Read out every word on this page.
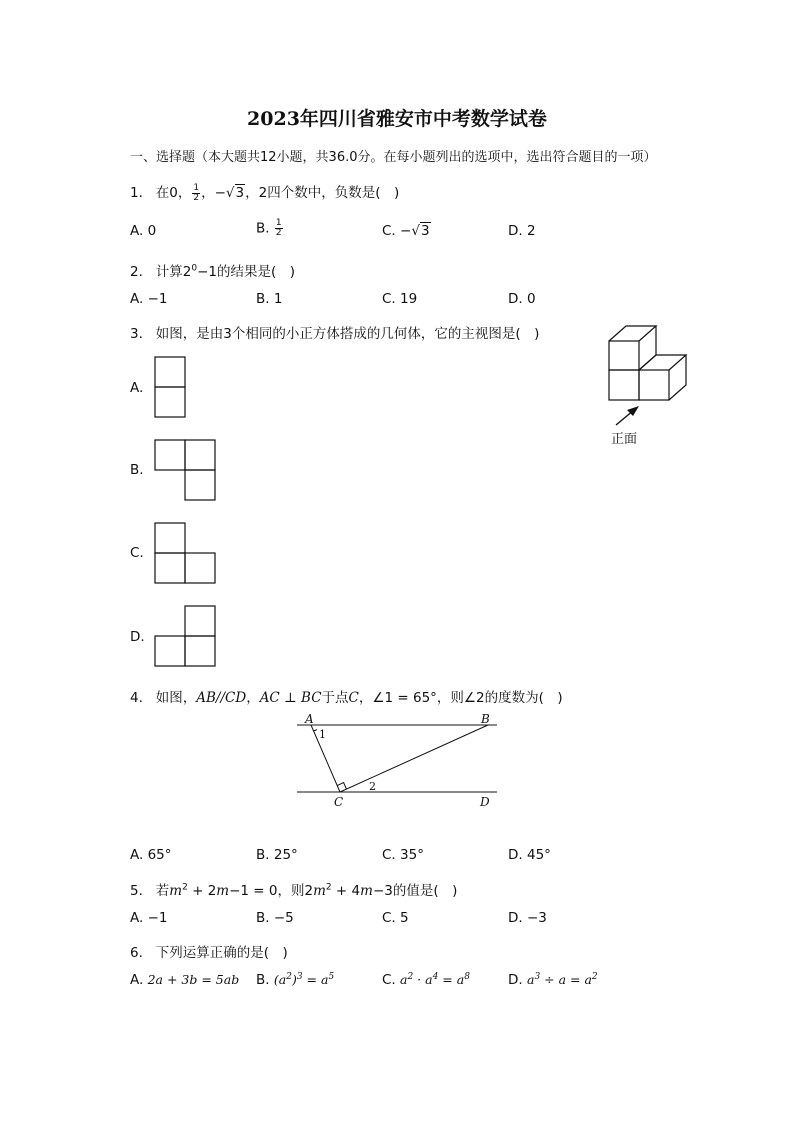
2023年四川省雅安市中考数学试卷
一、选择题（本大题共12小题，共36.0分。在每小题列出的选项中，选出符合题目的一项）
1. 在0， $\frac{1}{2}$ ，−√3，2四个数中，负数是(　)
A. 0	B. $\frac{1}{2}$	C. −√3	D. 2
2. 计算$2^0-1$的结果是(　)
A. −1	B. 1	C. 19	D. 0
3. 如图，是由3个相同的小正方体搭成的几何体，它的主视图是(　)
正面
A.
B.
C.
D.
4. 如图，AB//CD，AC ⊥ BC于点C，∠1 = 65°，则∠2的度数为(　)
A	B
C	D
1
2
A. 65°	B. 25°	C. 35°	D. 45°
5. 若$m^2 + 2m-1 = 0$，则$2m^2 + 4m-3$的值是(　)
A. −1	B. −5	C. 5	D. −3
6. 下列运算正确的是(　)
A. 2a + 3b = 5ab B. $(a^2)^3 = a^5$	C. $a^2 \cdot a^4 = a^8$	D. $a^3 \div a = a^2$
